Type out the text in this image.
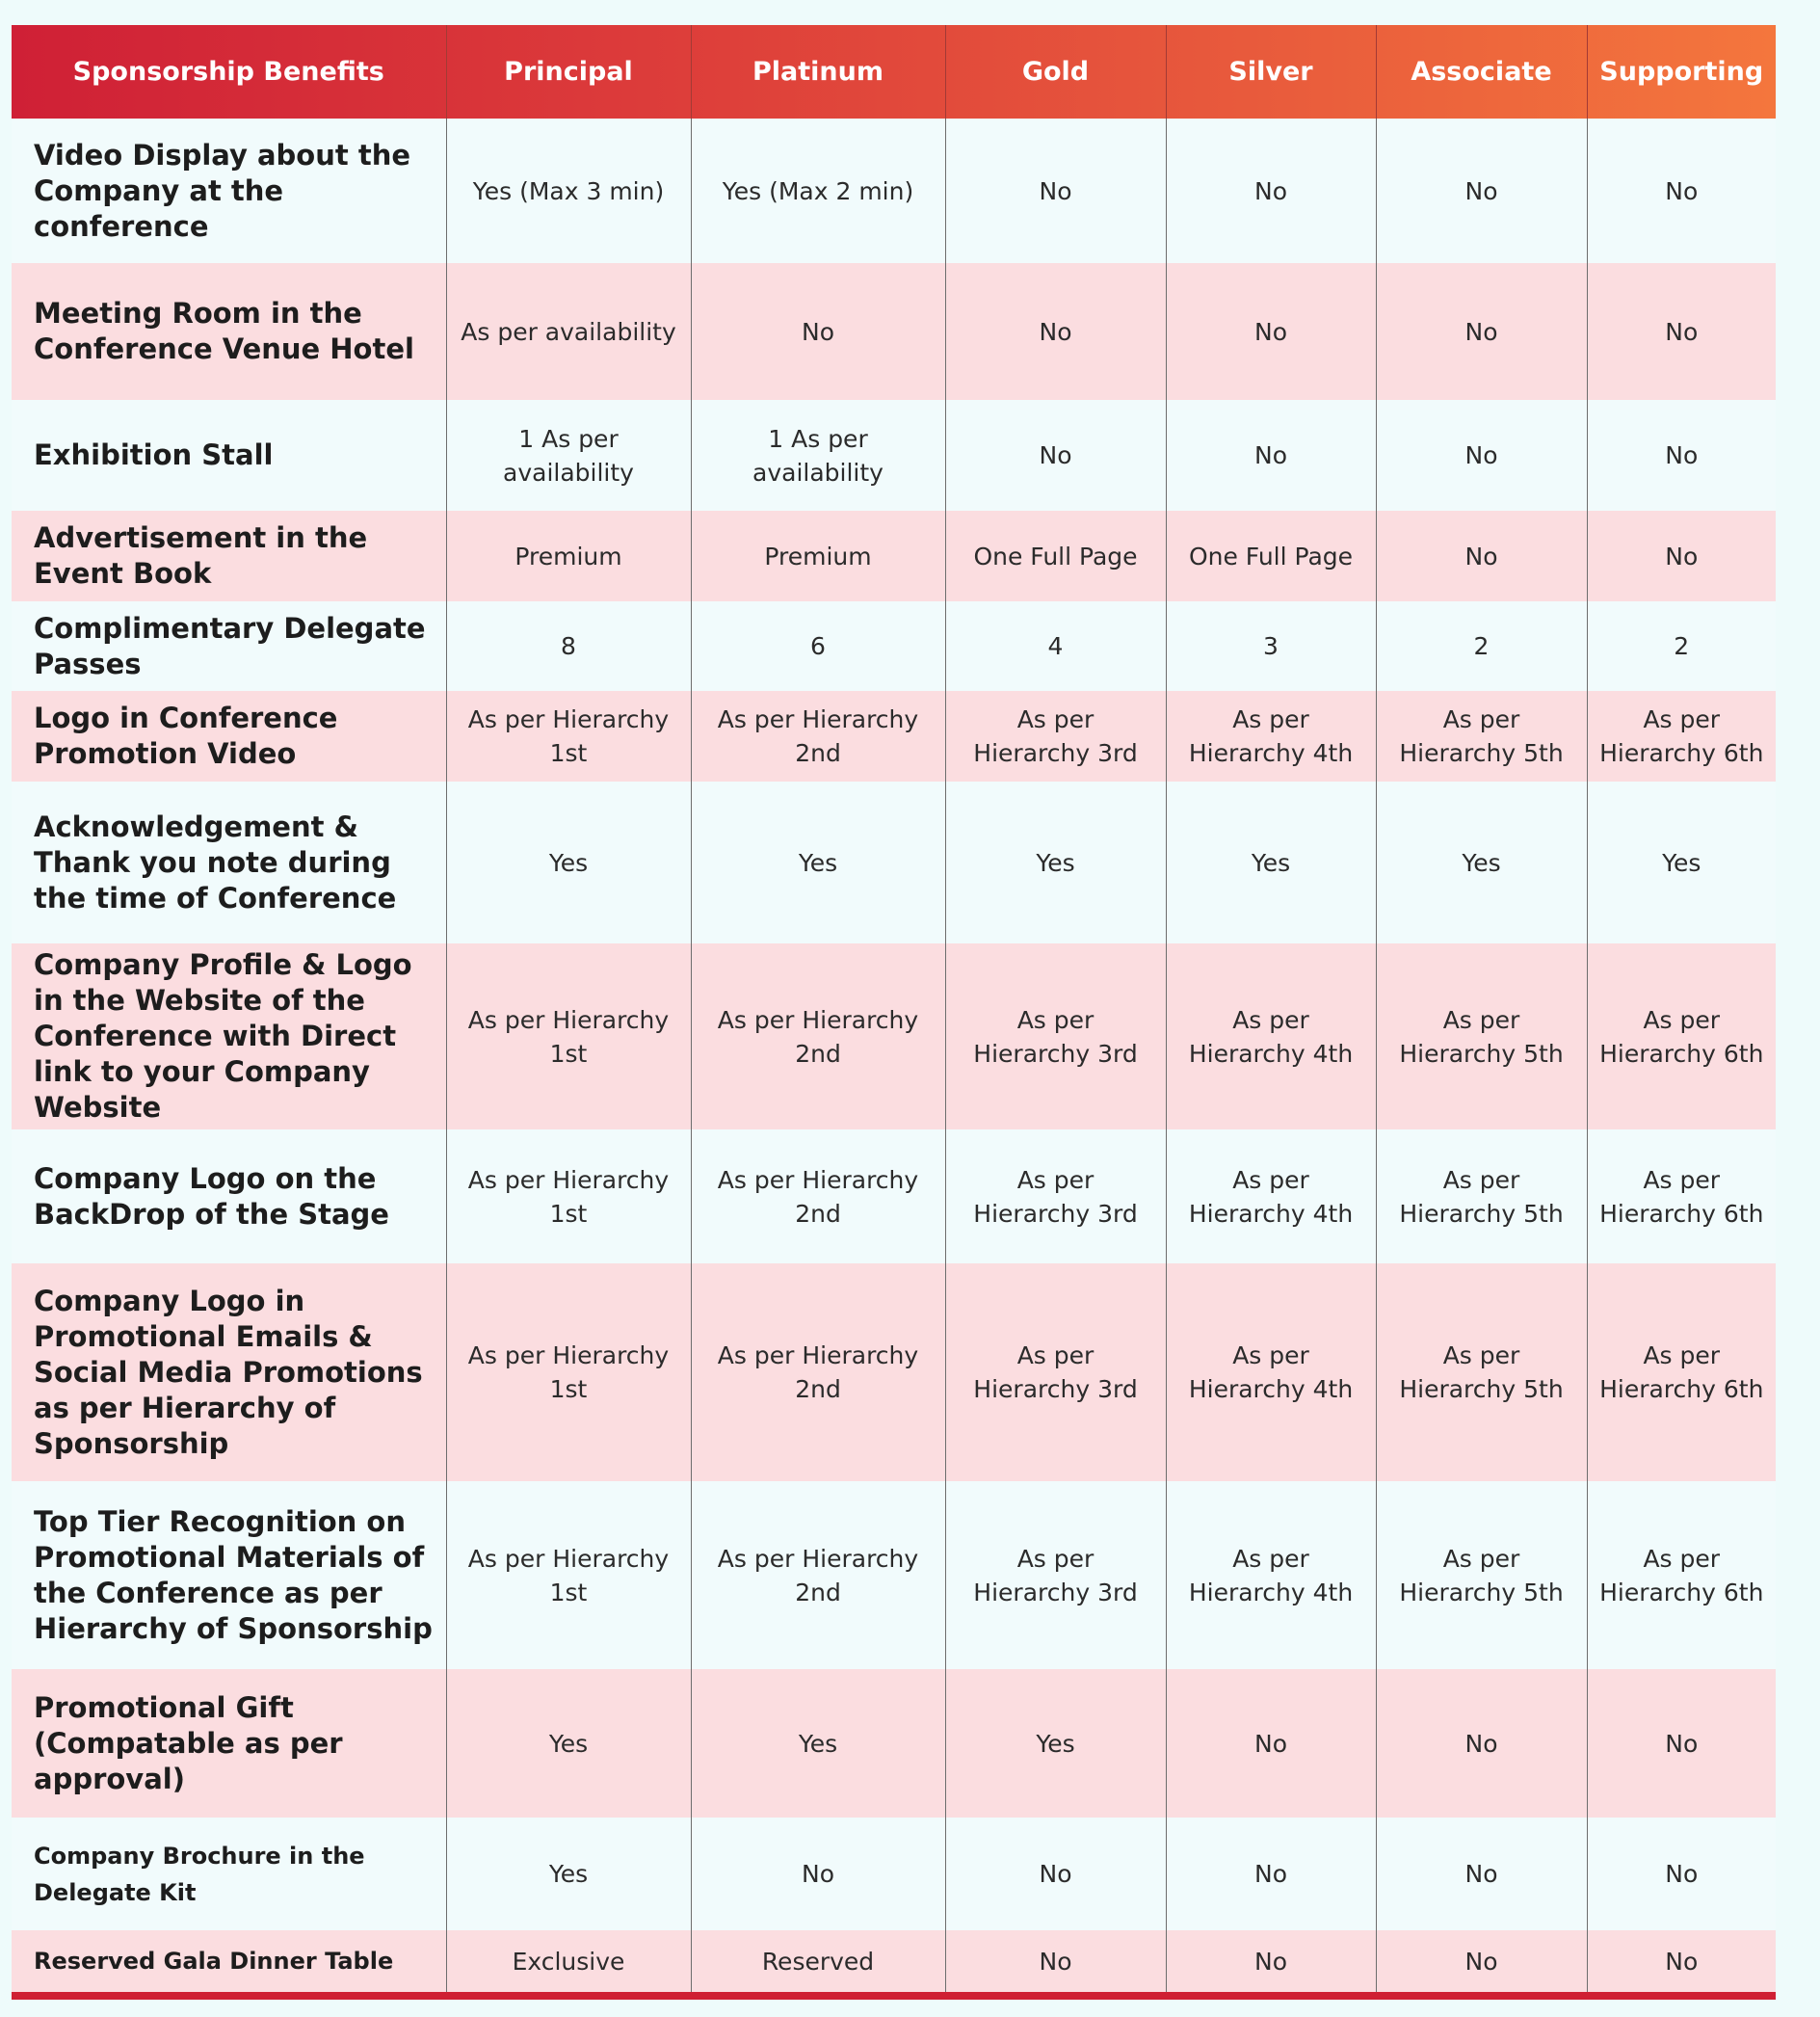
Sponsorship Benefits	Principal	Platinum	Gold	Silver	Associate	Supporting
Video Display about the Company at the conference	Yes (Max 3 min)	Yes (Max 2 min)	No	No	No	No
Meeting Room in the Conference Venue Hotel	As per availability	No	No	No	No	No
Exhibition Stall	1 As per availability	1 As per availability	No	No	No	No
Advertisement in the Event Book	Premium	Premium	One Full Page	One Full Page	No	No
Complimentary Delegate Passes	8	6	4	3	2	2
Logo in Conference Promotion Video	As per Hierarchy 1st	As per Hierarchy 2nd	As per Hierarchy 3rd	As per Hierarchy 4th	As per Hierarchy 5th	As per Hierarchy 6th
Acknowledgement & Thank you note during the time of Conference	Yes	Yes	Yes	Yes	Yes	Yes
Company Profile & Logo in the Website of the Conference with Direct link to your Company Website	As per Hierarchy 1st	As per Hierarchy 2nd	As per Hierarchy 3rd	As per Hierarchy 4th	As per Hierarchy 5th	As per Hierarchy 6th
Company Logo on the BackDrop of the Stage	As per Hierarchy 1st	As per Hierarchy 2nd	As per Hierarchy 3rd	As per Hierarchy 4th	As per Hierarchy 5th	As per Hierarchy 6th
Company Logo in Promotional Emails & Social Media Promotions as per Hierarchy of Sponsorship	As per Hierarchy 1st	As per Hierarchy 2nd	As per Hierarchy 3rd	As per Hierarchy 4th	As per Hierarchy 5th	As per Hierarchy 6th
Top Tier Recognition on Promotional Materials of the Conference as per Hierarchy of Sponsorship	As per Hierarchy 1st	As per Hierarchy 2nd	As per Hierarchy 3rd	As per Hierarchy 4th	As per Hierarchy 5th	As per Hierarchy 6th
Promotional Gift (Compatable as per approval)	Yes	Yes	Yes	No	No	No
Company Brochure in the Delegate Kit	Yes	No	No	No	No	No
Reserved Gala Dinner Table	Exclusive	Reserved	No	No	No	No
